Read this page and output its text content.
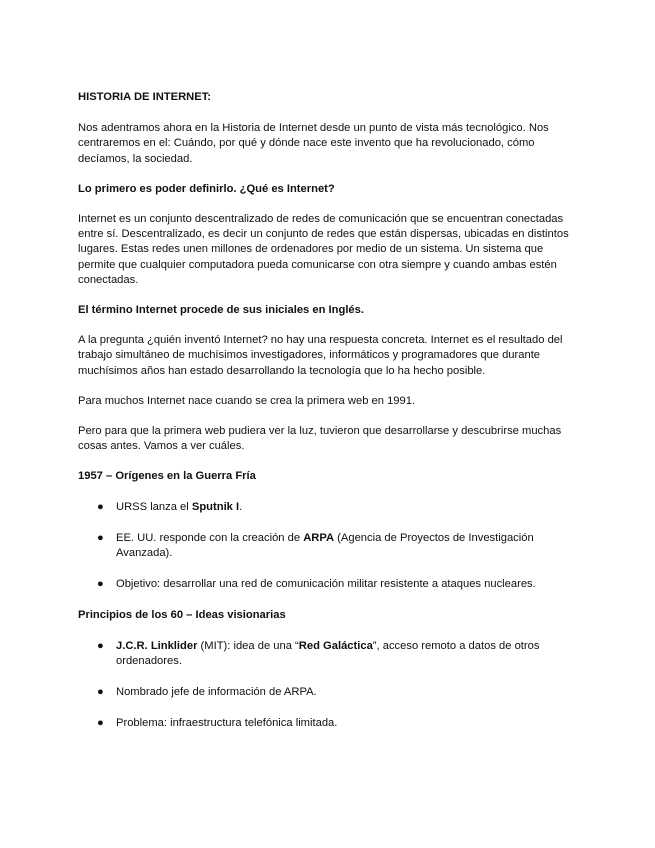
HISTORIA DE INTERNET:

Nos adentramos ahora en la Historia de Internet desde un punto de vista más tecnológico. Nos centraremos en el: Cuándo, por qué y dónde nace este invento que ha revolucionado, cómo decíamos, la sociedad.

Lo primero es poder definirlo. ¿Qué es Internet?

Internet es un conjunto descentralizado de redes de comunicación que se encuentran conectadas entre sí. Descentralizado, es decir un conjunto de redes que están dispersas, ubicadas en distintos lugares. Estas redes unen millones de ordenadores por medio de un sistema. Un sistema que permite que cualquier computadora pueda comunicarse con otra siempre y cuando ambas estén conectadas.

El término Internet procede de sus iniciales en Inglés.

A la pregunta ¿quién inventó Internet? no hay una respuesta concreta. Internet es el resultado del trabajo simultáneo de muchísimos investigadores, informáticos y programadores que durante muchísimos años han estado desarrollando la tecnología que lo ha hecho posible.

Para muchos Internet nace cuando se crea la primera web en 1991.

Pero para que la primera web pudiera ver la luz, tuvieron que desarrollarse y descubrirse muchas cosas antes. Vamos a ver cuáles.

1957 – Orígenes en la Guerra Fría
● URSS lanza el Sputnik I.
● EE. UU. responde con la creación de ARPA (Agencia de Proyectos de Investigación Avanzada).
● Objetivo: desarrollar una red de comunicación militar resistente a ataques nucleares.
Principios de los 60 – Ideas visionarias
● J.C.R. Linklider (MIT): idea de una “Red Galáctica”, acceso remoto a datos de otros ordenadores.
● Nombrado jefe de información de ARPA.
● Problema: infraestructura telefónica limitada.
